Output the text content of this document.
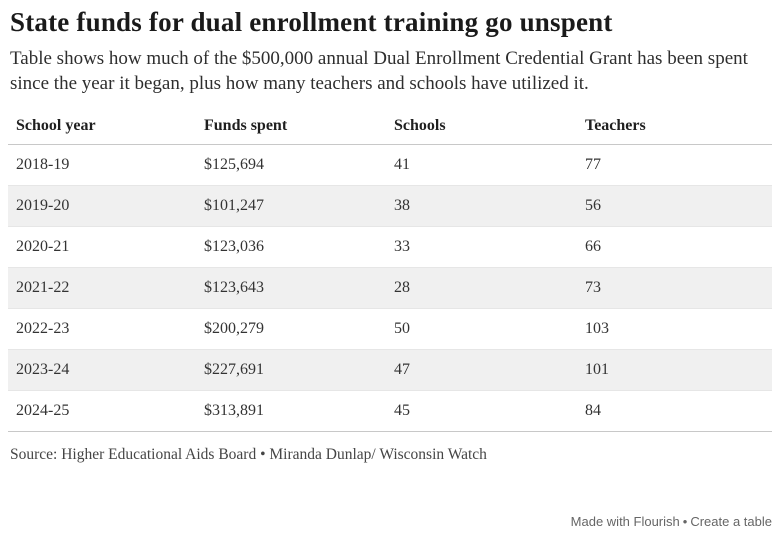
State funds for dual enrollment training go unspent

Table shows how much of the $500,000 annual Dual Enrollment Credential Grant has been spent since the year it began, plus how many teachers and schools have utilized it.

School year	Funds spent	Schools	Teachers
2018-19	$125,694	41	77
2019-20	$101,247	38	56
2020-21	$123,036	33	66
2021-22	$123,643	28	73
2022-23	$200,279	50	103
2023-24	$227,691	47	101
2024-25	$313,891	45	84

Source: Higher Educational Aids Board • Miranda Dunlap/ Wisconsin Watch

Made with Flourish • Create a table
